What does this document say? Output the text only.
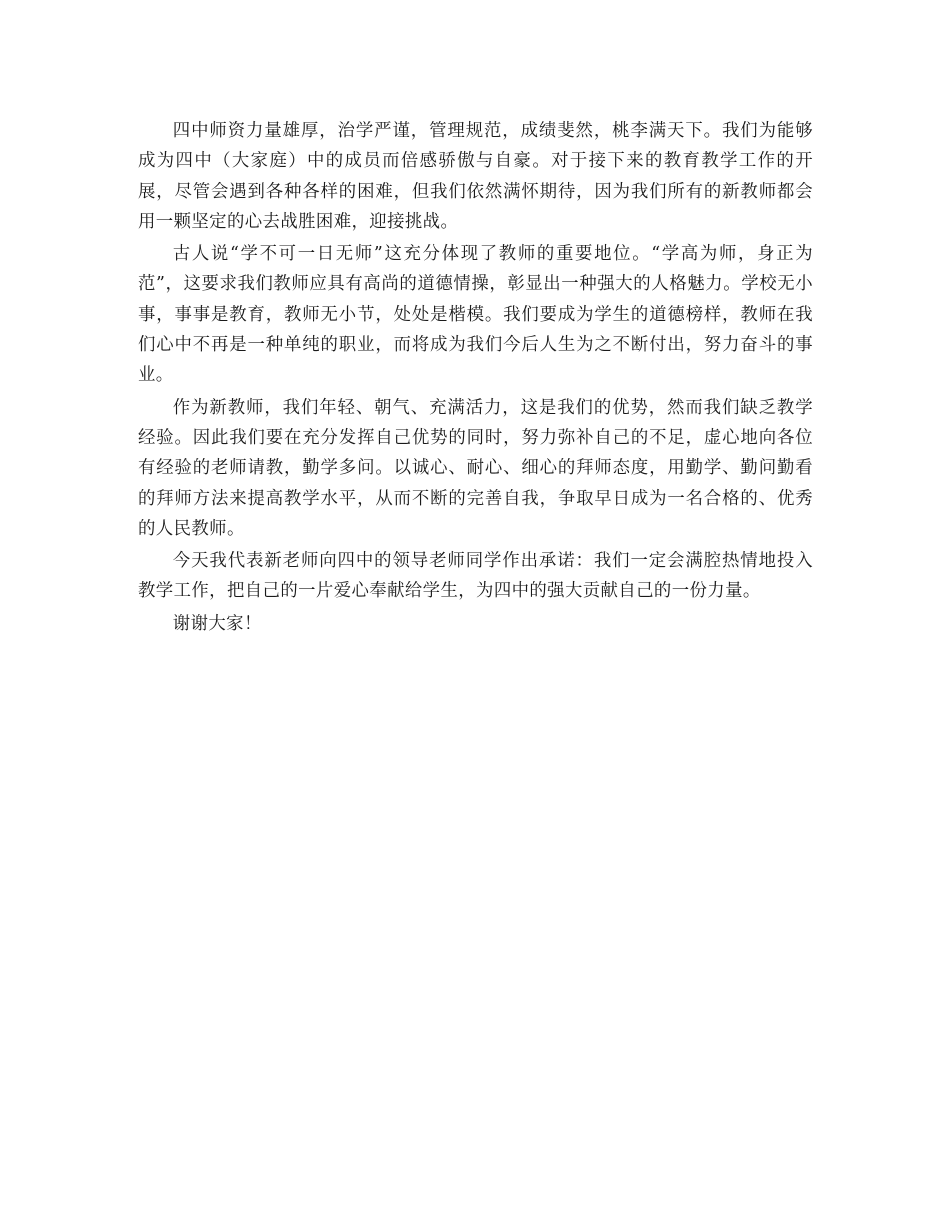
四中师资力量雄厚，治学严谨，管理规范，成绩斐然，桃李满天下。我们为能够成为四中（大家庭）中的成员而倍感骄傲与自豪。对于接下来的教育教学工作的开展，尽管会遇到各种各样的困难，但我们依然满怀期待，因为我们所有的新教师都会用一颗坚定的心去战胜困难，迎接挑战。

古人说“学不可一日无师”这充分体现了教师的重要地位。“学高为师，身正为范”，这要求我们教师应具有高尚的道德情操，彰显出一种强大的人格魅力。学校无小事，事事是教育，教师无小节，处处是楷模。我们要成为学生的道德榜样，教师在我们心中不再是一种单纯的职业，而将成为我们今后人生为之不断付出，努力奋斗的事业。

作为新教师，我们年轻、朝气、充满活力，这是我们的优势，然而我们缺乏教学经验。因此我们要在充分发挥自己优势的同时，努力弥补自己的不足，虚心地向各位有经验的老师请教，勤学多问。以诚心、耐心、细心的拜师态度，用勤学、勤问勤看的拜师方法来提高教学水平，从而不断的完善自我，争取早日成为一名合格的、优秀的人民教师。

今天我代表新老师向四中的领导老师同学作出承诺：我们一定会满腔热情地投入教学工作，把自己的一片爱心奉献给学生，为四中的强大贡献自己的一份力量。

谢谢大家！
